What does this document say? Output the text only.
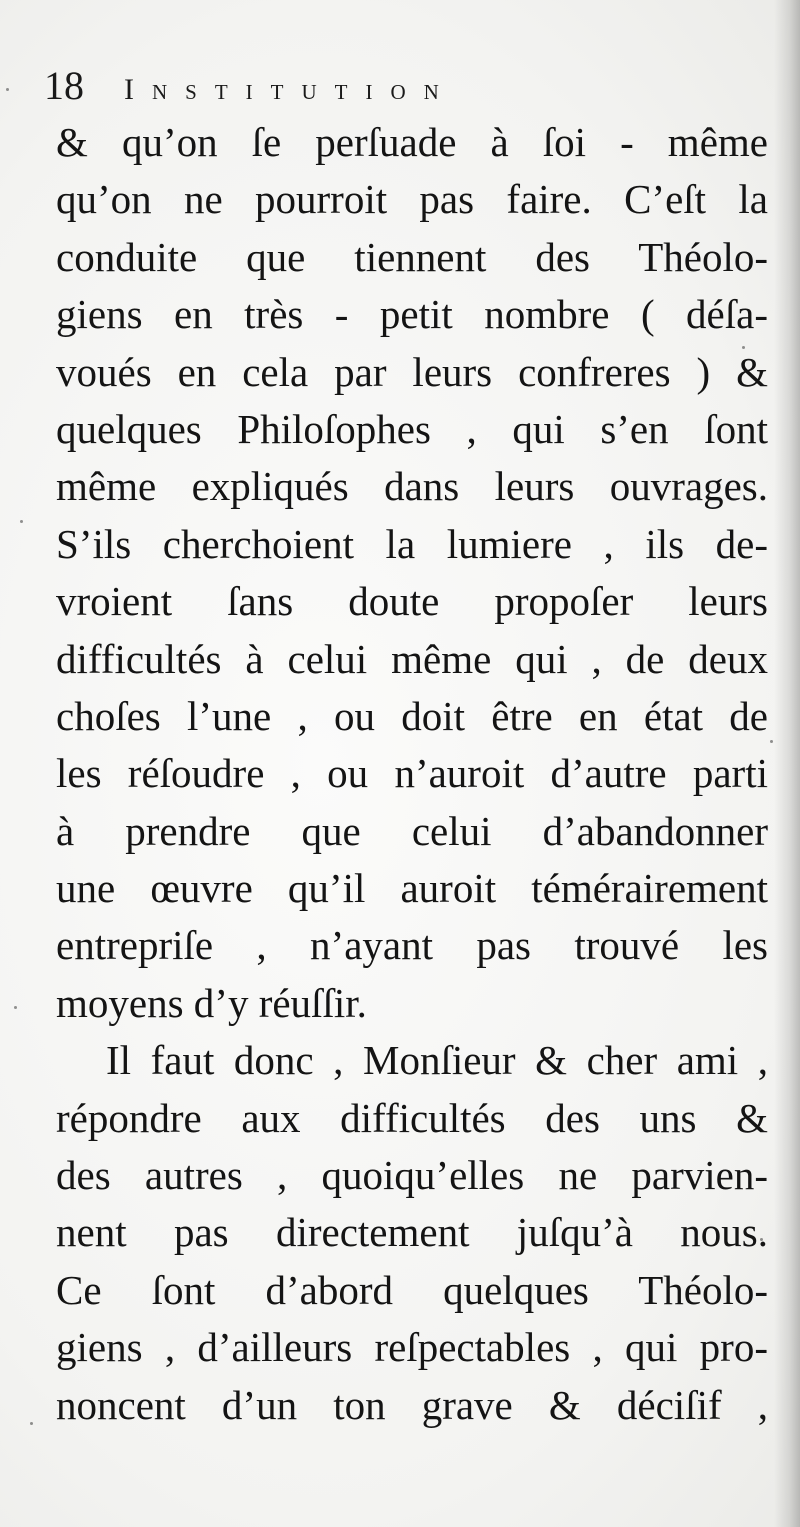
18	Institution
& qu’on ſe perſuade à ſoi - même
qu’on ne pourroit pas faire. C’eſt la
conduite que tiennent des Théolo-
giens en très - petit nombre ( déſa-
voués en cela par leurs confreres ) &
quelques Philoſophes , qui s’en ſont
même expliqués dans leurs ouvrages.
S’ils cherchoient la lumiere , ils de-
vroient ſans doute propoſer leurs
difficultés à celui même qui , de deux
choſes l’une , ou doit être en état de
les réſoudre , ou n’auroit d’autre parti
à prendre que celui d’abandonner
une œuvre qu’il auroit témérairement
entrepriſe , n’ayant pas trouvé les
moyens d’y réuſſir.
Il faut donc , Monſieur & cher ami ,
répondre aux difficultés des uns &
des autres , quoiqu’elles ne parvien-
nent pas directement juſqu’à nous.
Ce ſont d’abord quelques Théolo-
giens , d’ailleurs reſpectables , qui pro-
noncent d’un ton grave & déciſif ,
